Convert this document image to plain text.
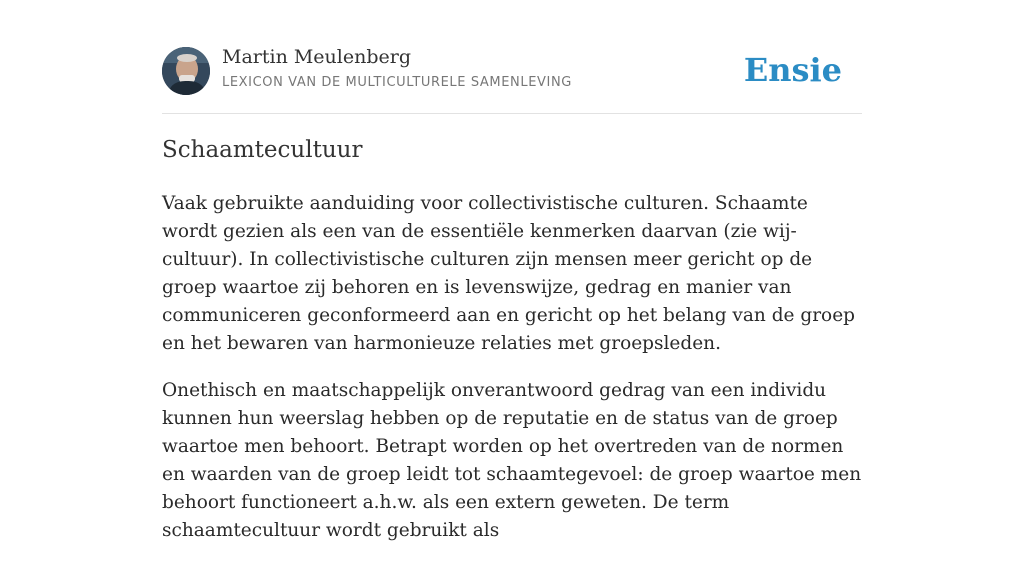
Martin Meulenberg
LEXICON VAN DE MULTICULTURELE SAMENLEVING	Ensie
Schaamtecultuur

Vaak gebruikte aanduiding voor collectivistische culturen. Schaamte wordt gezien als een van de essentiële kenmerken daarvan (zie wij-cultuur). In collectivistische culturen zijn mensen meer gericht op de groep waartoe zij behoren en is levenswijze, gedrag en manier van communiceren geconformeerd aan en gericht op het belang van de groep en het bewaren van harmonieuze relaties met groepsleden.

Onethisch en maatschappelijk onverantwoord gedrag van een individu kunnen hun weerslag hebben op de reputatie en de status van de groep waartoe men behoort. Betrapt worden op het overtreden van de normen en waarden van de groep leidt tot schaamtegevoel: de groep waartoe men behoort functioneert a.h.w. als een extern geweten. De term schaamtecultuur wordt gebruikt als
